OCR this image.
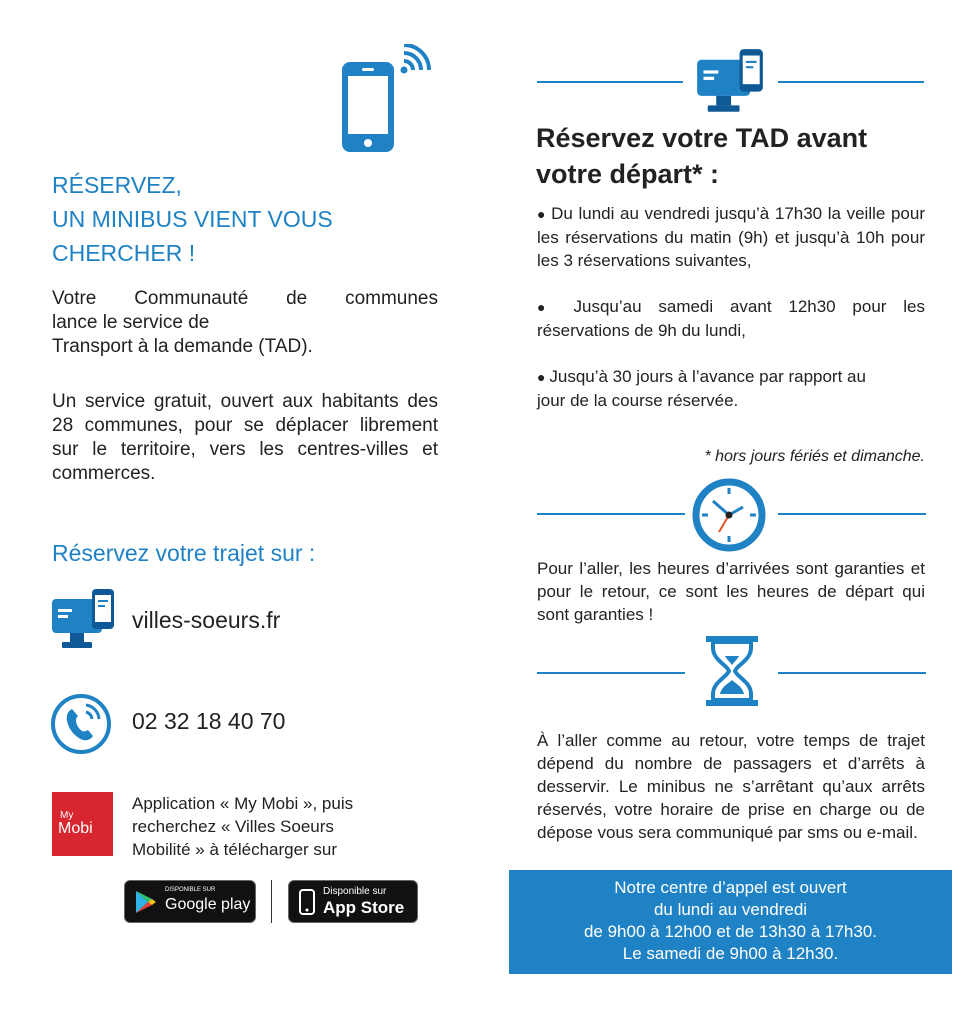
RÉSERVEZ,
UN MINIBUS VIENT VOUS
CHERCHER !
Votre Communauté de communes
lance le service de
Transport à la demande (TAD).
Un service gratuit, ouvert aux habitants des 28 communes, pour se déplacer librement sur le territoire, vers les centres-villes et commerces.
Réservez votre trajet sur :
villes-soeurs.fr
02 32 18 40 70
My
Mobi
Application « My Mobi », puis
recherchez « Villes Soeurs
Mobilité » à télécharger sur
DISPONIBLE SUR
Google play
Disponible sur
App Store
Réservez votre TAD avant
votre départ* :
● Du lundi au vendredi jusqu’à 17h30 la veille pour les réservations du matin (9h) et jusqu’à 10h pour les 3 réservations suivantes,
● Jusqu’au samedi avant 12h30 pour les réservations de 9h du lundi,
● Jusqu’à 30 jours à l’avance par rapport au jour de la course réservée.
* hors jours fériés et dimanche.
Pour l’aller, les heures d’arrivées sont garanties et pour le retour, ce sont les heures de départ qui sont garanties !
À l’aller comme au retour, votre temps de trajet dépend du nombre de passagers et d’arrêts à desservir. Le minibus ne s’arrêtant qu’aux arrêts réservés, votre horaire de prise en charge ou de dépose vous sera communiqué par sms ou e-mail.
Notre centre d’appel est ouvert
du lundi au vendredi
de 9h00 à 12h00 et de 13h30 à 17h30.
Le samedi de 9h00 à 12h30.
